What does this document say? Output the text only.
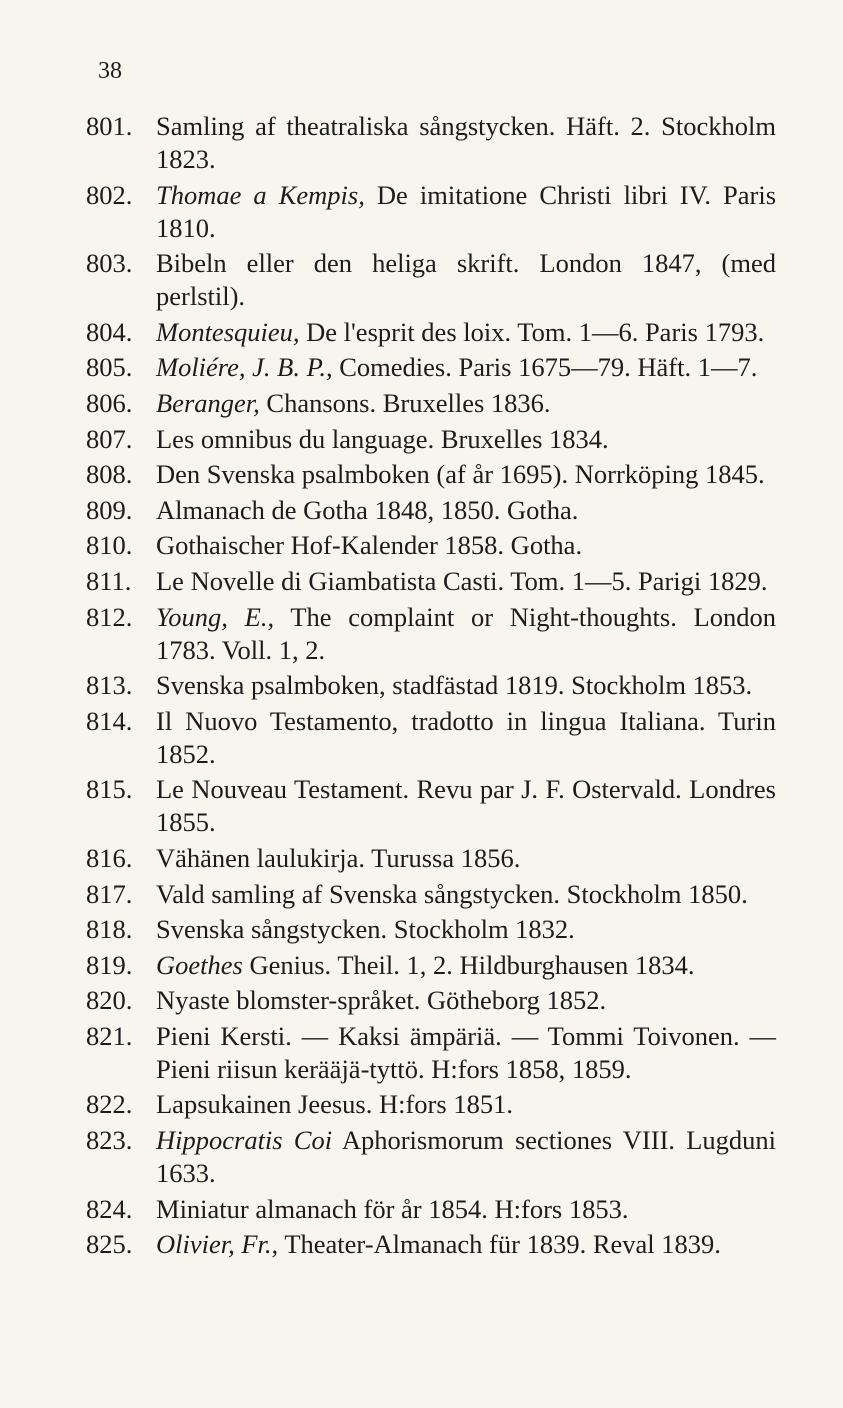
38
801. Samling af theatraliska sångstycken. Häft. 2. Stockholm 1823.
802. Thomae a Kempis, De imitatione Christi libri IV. Paris 1810.
803. Bibeln eller den heliga skrift. London 1847, (med perlstil).
804. Montesquieu, De l'esprit des loix. Tom. 1—6. Paris 1793.
805. Moliére, J. B. P., Comedies. Paris 1675—79. Häft. 1—7.
806. Beranger, Chansons. Bruxelles 1836.
807. Les omnibus du language. Bruxelles 1834.
808. Den Svenska psalmboken (af år 1695). Norrköping 1845.
809. Almanach de Gotha 1848, 1850. Gotha.
810. Gothaischer Hof-Kalender 1858. Gotha.
811. Le Novelle di Giambatista Casti. Tom. 1—5. Parigi 1829.
812. Young, E., The complaint or Night-thoughts. London 1783. Voll. 1, 2.
813. Svenska psalmboken, stadfästad 1819. Stockholm 1853.
814. Il Nuovo Testamento, tradotto in lingua Italiana. Turin 1852.
815. Le Nouveau Testament. Revu par J. F. Ostervald. Londres 1855.
816. Vähänen laulukirja. Turussa 1856.
817. Vald samling af Svenska sångstycken. Stockholm 1850.
818. Svenska sångstycken. Stockholm 1832.
819. Goethes Genius. Theil. 1, 2. Hildburghausen 1834.
820. Nyaste blomster-språket. Götheborg 1852.
821. Pieni Kersti. — Kaksi ämpäriä. — Tommi Toivonen. — Pieni riisun kerääjä-tyttö. H:fors 1858, 1859.
822. Lapsukainen Jeesus. H:fors 1851.
823. Hippocratis Coi Aphorismorum sectiones VIII. Lugduni 1633.
824. Miniatur almanach för år 1854. H:fors 1853.
825. Olivier, Fr., Theater-Almanach für 1839. Reval 1839.
